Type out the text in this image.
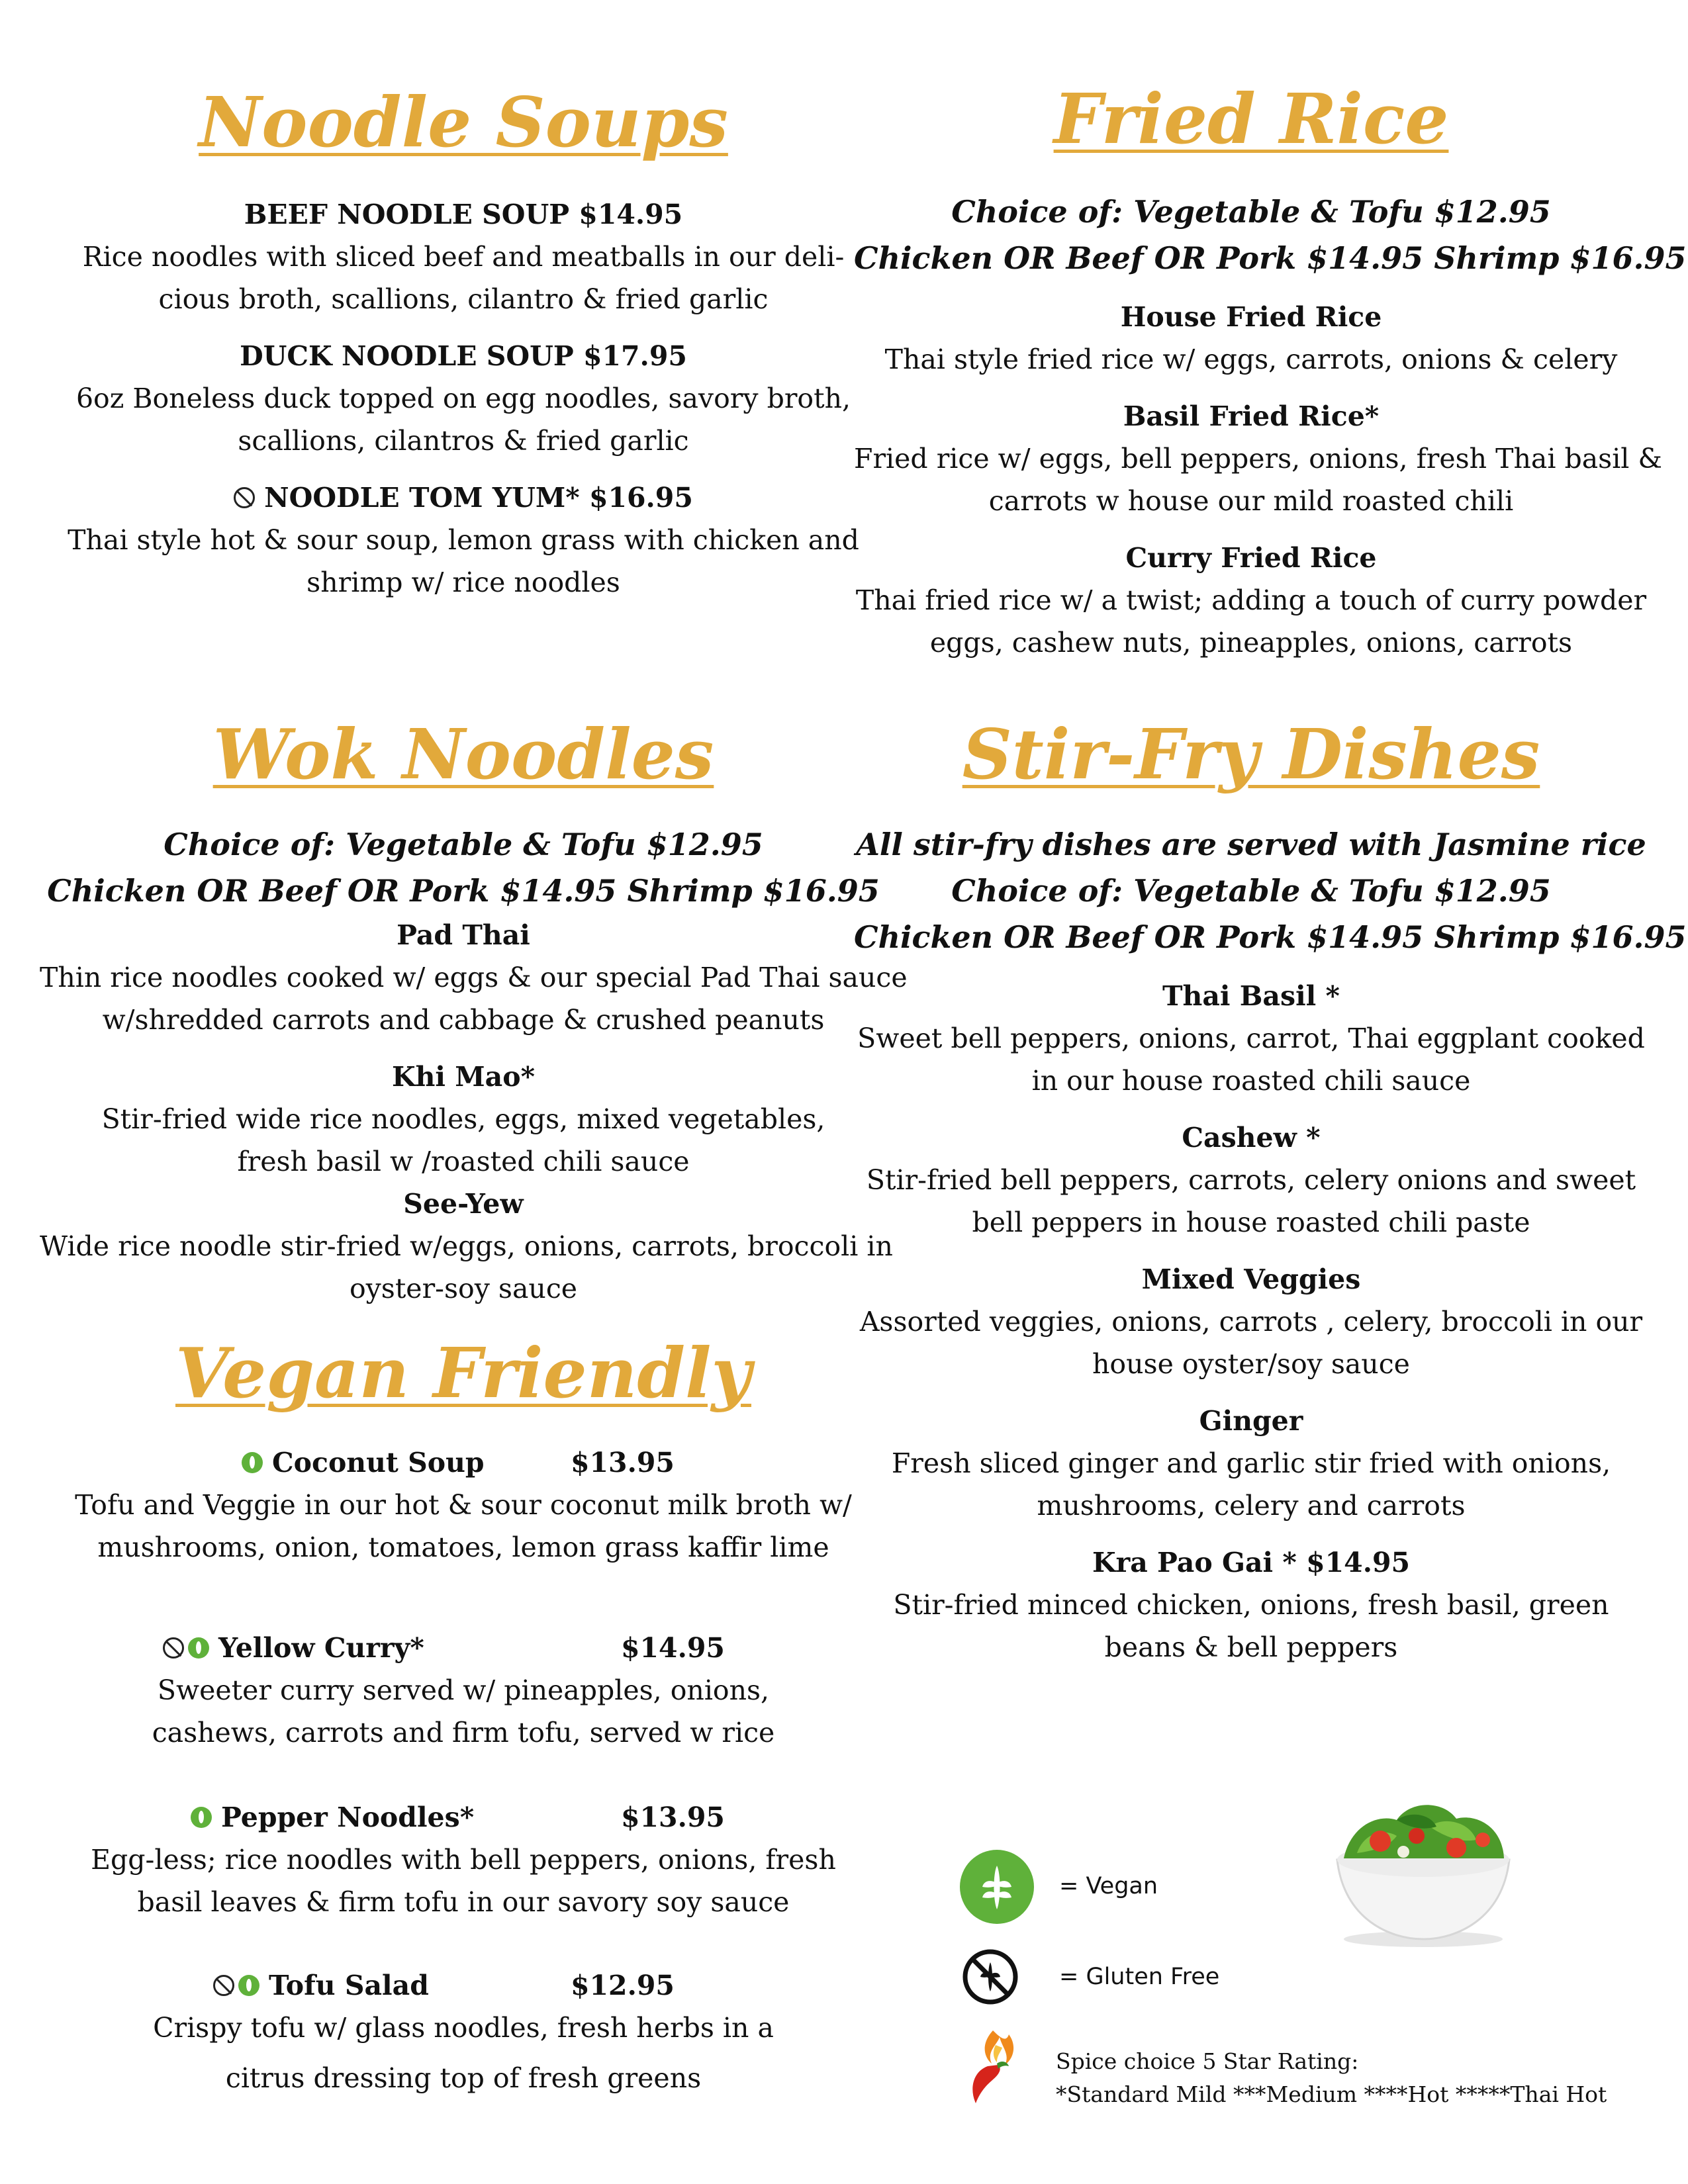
Noodle Soups
BEEF NOODLE SOUP $14.95
Rice noodles with sliced beef and meatballs in our deli-
cious broth, scallions, cilantro & fried garlic
DUCK NOODLE SOUP $17.95
6oz Boneless duck topped on egg noodles, savory broth,
scallions, cilantros & fried garlic
NOODLE TOM YUM* $16.95
Thai style hot & sour soup, lemon grass with chicken and
shrimp w/ rice noodles
Fried Rice
Choice of: Vegetable & Tofu $12.95
Chicken OR Beef OR Pork $14.95 Shrimp $16.95
House Fried Rice
Thai style fried rice w/ eggs, carrots, onions & celery
Basil Fried Rice*
Fried rice w/ eggs, bell peppers, onions, fresh Thai basil &
carrots w house our mild roasted chili
Curry Fried Rice
Thai fried rice w/ a twist; adding a touch of curry powder
eggs, cashew nuts, pineapples, onions, carrots
Wok Noodles
Choice of: Vegetable & Tofu $12.95
Chicken OR Beef OR Pork $14.95 Shrimp $16.95
Pad Thai
Thin rice noodles cooked w/ eggs & our special Pad Thai sauce
w/shredded carrots and cabbage & crushed peanuts
Khi Mao*
Stir-fried wide rice noodles, eggs, mixed vegetables,
fresh basil w /roasted chili sauce
See-Yew
Wide rice noodle stir-fried w/eggs, onions, carrots, broccoli in
oyster-soy sauce
Stir-Fry Dishes
All stir-fry dishes are served with Jasmine rice
Choice of: Vegetable & Tofu $12.95
Chicken OR Beef OR Pork $14.95 Shrimp $16.95
Thai Basil *
Sweet bell peppers, onions, carrot, Thai eggplant cooked
in our house roasted chili sauce
Cashew *
Stir-fried bell peppers, carrots, celery onions and sweet
bell peppers in house roasted chili paste
Mixed Veggies
Assorted veggies, onions, carrots , celery, broccoli in our
house oyster/soy sauce
Ginger
Fresh sliced ginger and garlic stir fried with onions,
mushrooms, celery and carrots
Kra Pao Gai * $14.95
Stir-fried minced chicken, onions, fresh basil, green
beans & bell peppers
Vegan Friendly
Coconut Soup	$13.95
Tofu and Veggie in our hot & sour coconut milk broth w/
mushrooms, onion, tomatoes, lemon grass kaffir lime
Yellow Curry*	$14.95
Sweeter curry served w/ pineapples, onions,
cashews, carrots and firm tofu, served w rice
Pepper Noodles*	$13.95
Egg-less; rice noodles with bell peppers, onions, fresh
basil leaves & firm tofu in our savory soy sauce
Tofu Salad	$12.95
Crispy tofu w/ glass noodles, fresh herbs in a
citrus dressing top of fresh greens
= Vegan
= Gluten Free
Spice choice 5 Star Rating:
*Standard Mild ***Medium ****Hot *****Thai Hot
